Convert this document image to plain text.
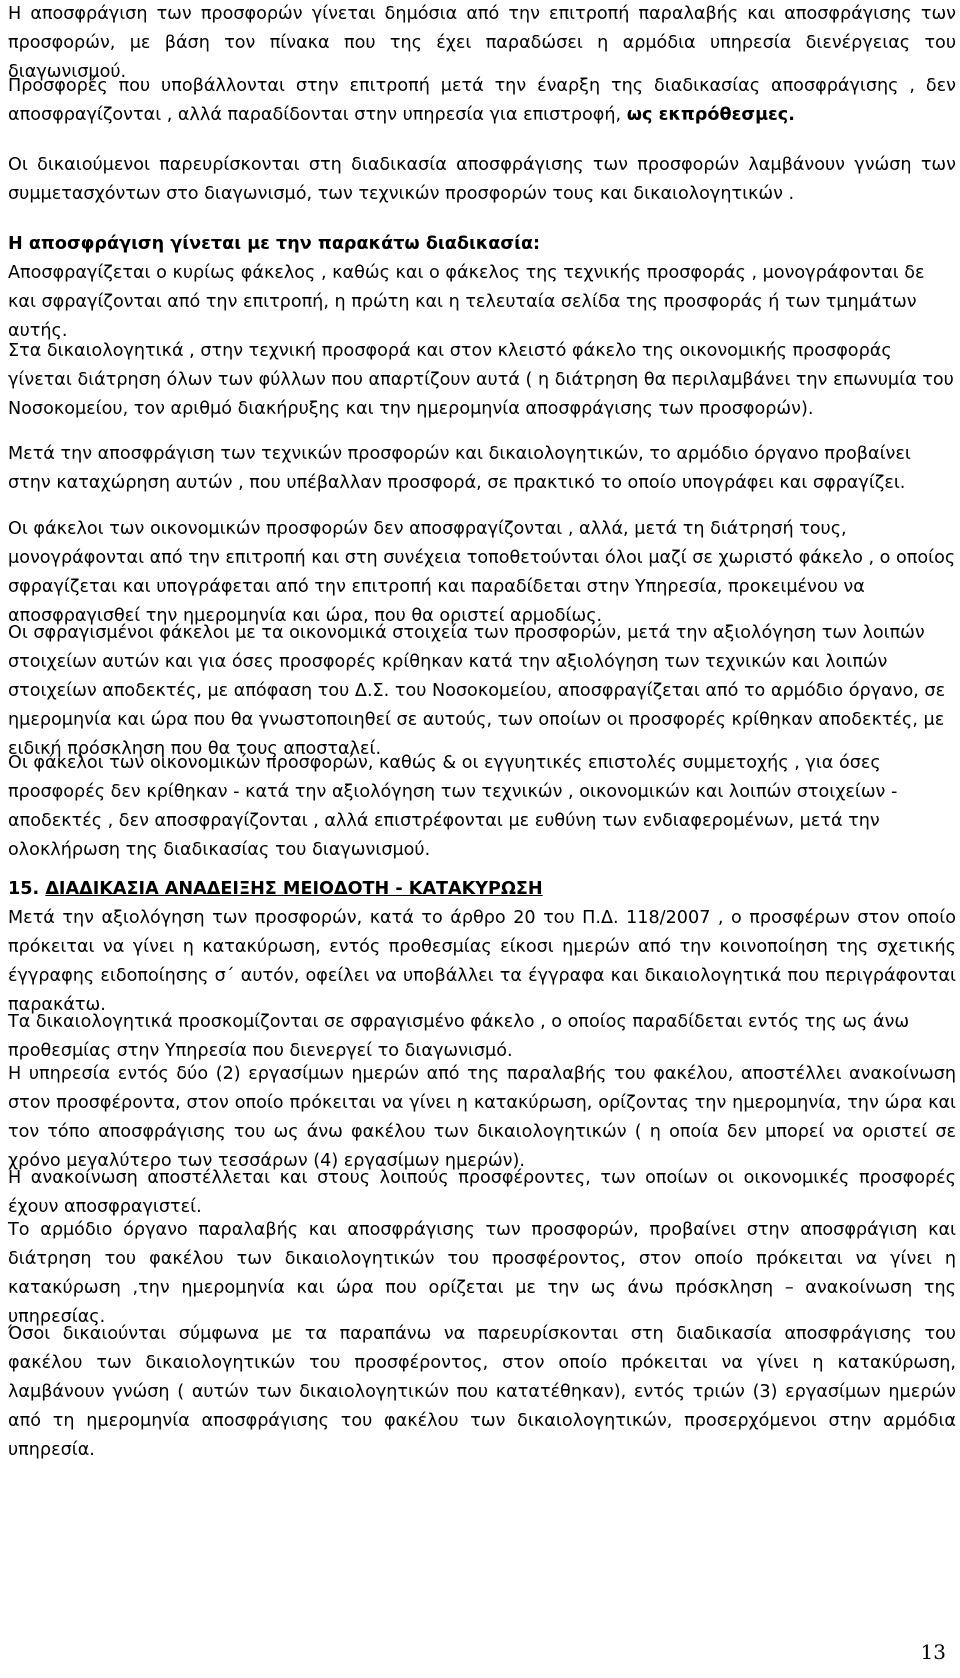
Η αποσφράγιση των προσφορών γίνεται δημόσια από την επιτροπή παραλαβής και αποσφράγισης των προσφορών, με βάση τον πίνακα που της έχει παραδώσει η αρμόδια υπηρεσία διενέργειας του διαγωνισμού.

Προσφορές που υποβάλλονται στην επιτροπή μετά την έναρξη της διαδικασίας αποσφράγισης , δεν αποσφραγίζονται , αλλά παραδίδονται στην υπηρεσία για επιστροφή, ως εκπρόθεσμες.

Οι δικαιούμενοι παρευρίσκονται στη διαδικασία αποσφράγισης των προσφορών λαμβάνουν γνώση των συμμετασχόντων στο διαγωνισμό, των τεχνικών προσφορών τους και δικαιολογητικών .

Η αποσφράγιση γίνεται με την παρακάτω διαδικασία:

Αποσφραγίζεται ο κυρίως φάκελος , καθώς και ο φάκελος της τεχνικής προσφοράς , μονογράφονται δε και σφραγίζονται από την επιτροπή, η πρώτη και η τελευταία σελίδα της προσφοράς ή των τμημάτων αυτής.

Στα δικαιολογητικά , στην τεχνική προσφορά και στον κλειστό φάκελο της οικονομικής προσφοράς γίνεται διάτρηση όλων των φύλλων που απαρτίζουν αυτά ( η διάτρηση θα περιλαμβάνει την επωνυμία του Νοσοκομείου, τον αριθμό διακήρυξης και την ημερομηνία αποσφράγισης των προσφορών).

Μετά την αποσφράγιση των τεχνικών προσφορών και δικαιολογητικών, το αρμόδιο όργανο προβαίνει στην καταχώρηση αυτών , που υπέβαλλαν προσφορά, σε πρακτικό το οποίο υπογράφει και σφραγίζει.

Οι φάκελοι των οικονομικών προσφορών δεν αποσφραγίζονται , αλλά, μετά τη διάτρησή τους, μονογράφονται από την επιτροπή και στη συνέχεια τοποθετούνται όλοι μαζί σε χωριστό φάκελο , ο οποίος σφραγίζεται και υπογράφεται από την επιτροπή και παραδίδεται στην Υπηρεσία, προκειμένου να αποσφραγισθεί την ημερομηνία και ώρα, που θα οριστεί αρμοδίως.

Οι σφραγισμένοι φάκελοι με τα οικονομικά στοιχεία των προσφορών, μετά την αξιολόγηση των λοιπών στοιχείων αυτών και για όσες προσφορές κρίθηκαν κατά την αξιολόγηση των τεχνικών και λοιπών στοιχείων αποδεκτές, με απόφαση του Δ.Σ. του Νοσοκομείου, αποσφραγίζεται από το αρμόδιο όργανο, σε ημερομηνία και ώρα που θα γνωστοποιηθεί σε αυτούς, των οποίων οι προσφορές κρίθηκαν αποδεκτές, με ειδική πρόσκληση που θα τους αποσταλεί.

Οι φάκελοι των οικονομικών προσφορών, καθώς & οι εγγυητικές επιστολές συμμετοχής , για όσες προσφορές δεν κρίθηκαν - κατά την αξιολόγηση των τεχνικών , οικονομικών και λοιπών στοιχείων - αποδεκτές , δεν αποσφραγίζονται , αλλά επιστρέφονται με ευθύνη των ενδιαφερομένων, μετά την ολοκλήρωση της διαδικασίας του διαγωνισμού.

15. ΔΙΑΔΙΚΑΣΙΑ ΑΝΑΔΕΙΞΗΣ ΜΕΙΟΔΟΤΗ - ΚΑΤΑΚΥΡΩΣΗ

Μετά την αξιολόγηση των προσφορών, κατά το άρθρο 20 του Π.Δ. 118/2007 , ο προσφέρων στον οποίο πρόκειται να γίνει η κατακύρωση, εντός προθεσμίας είκοσι ημερών από την κοινοποίηση της σχετικής έγγραφης ειδοποίησης σ΄ αυτόν, οφείλει να υποβάλλει τα έγγραφα και δικαιολογητικά που περιγράφονται παρακάτω.

Τα δικαιολογητικά προσκομίζονται σε σφραγισμένο φάκελο , ο οποίος παραδίδεται εντός της ως άνω προθεσμίας στην Υπηρεσία που διενεργεί το διαγωνισμό.

Η υπηρεσία εντός δύο (2) εργασίμων ημερών από της παραλαβής του φακέλου, αποστέλλει ανακοίνωση στον προσφέροντα, στον οποίο πρόκειται να γίνει η κατακύρωση, ορίζοντας την ημερομηνία, την ώρα και τον τόπο αποσφράγισης του ως άνω φακέλου των δικαιολογητικών ( η οποία δεν μπορεί να οριστεί σε χρόνο μεγαλύτερο των τεσσάρων (4) εργασίμων ημερών).

Η ανακοίνωση αποστέλλεται και στους λοιπούς προσφέροντες, των οποίων οι οικονομικές προσφορές έχουν αποσφραγιστεί.

Το αρμόδιο όργανο παραλαβής και αποσφράγισης των προσφορών, προβαίνει στην αποσφράγιση και διάτρηση του φακέλου των δικαιολογητικών του προσφέροντος, στον οποίο πρόκειται να γίνει η κατακύρωση ,την ημερομηνία και ώρα που ορίζεται με την ως άνω πρόσκληση – ανακοίνωση της υπηρεσίας.

Όσοι δικαιούνται σύμφωνα με τα παραπάνω να παρευρίσκονται στη διαδικασία αποσφράγισης του φακέλου των δικαιολογητικών του προσφέροντος, στον οποίο πρόκειται να γίνει η κατακύρωση, λαμβάνουν γνώση ( αυτών των δικαιολογητικών που κατατέθηκαν), εντός τριών (3) εργασίμων ημερών από τη ημερομηνία αποσφράγισης του φακέλου των δικαιολογητικών, προσερχόμενοι στην αρμόδια υπηρεσία.

13
